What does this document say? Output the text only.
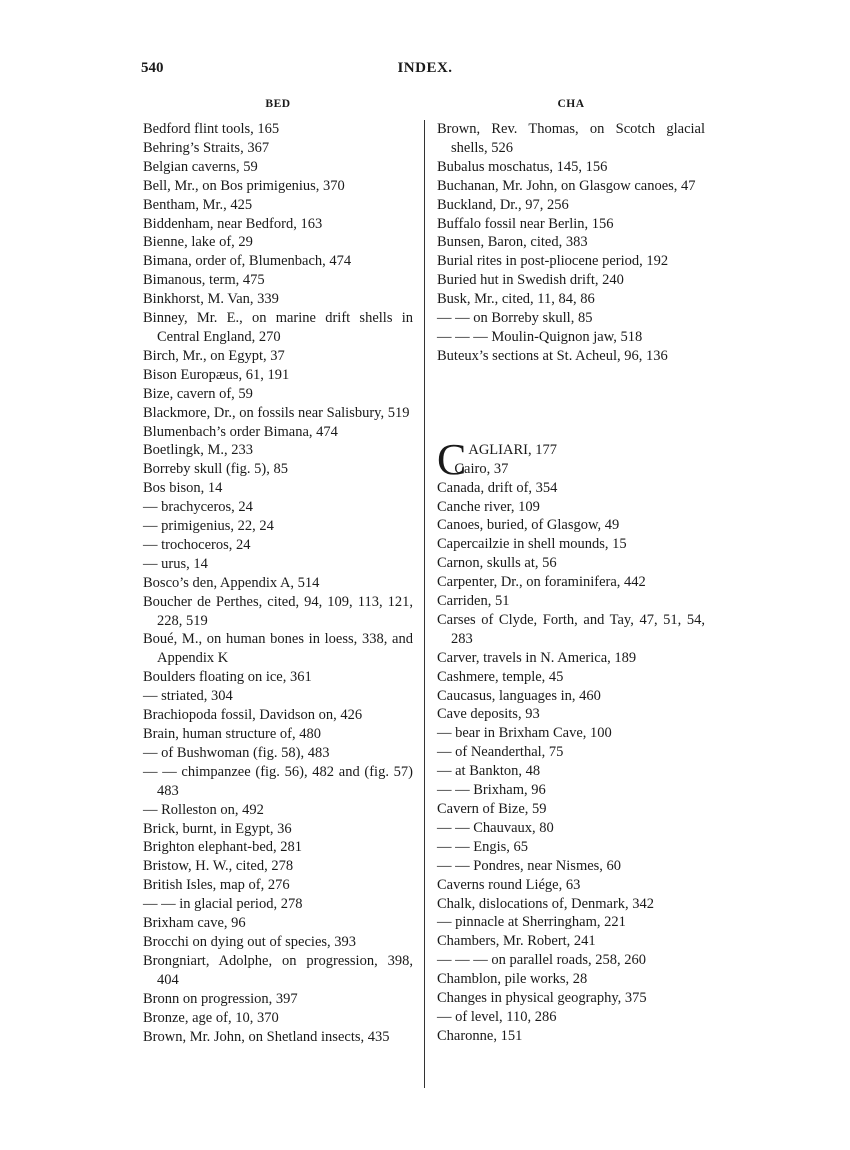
540	INDEX.
BED
Bedford flint tools, 165
Behring’s Straits, 367
Belgian caverns, 59
Bell, Mr., on Bos primigenius, 370
Bentham, Mr., 425
Biddenham, near Bedford, 163
Bienne, lake of, 29
Bimana, order of, Blumenbach, 474
Bimanous, term, 475
Binkhorst, M. Van, 339
Binney, Mr. E., on marine drift shells in Central England, 270
Birch, Mr., on Egypt, 37
Bison Europæus, 61, 191
Bize, cavern of, 59
Blackmore, Dr., on fossils near Salisbury, 519
Blumenbach’s order Bimana, 474
Boetlingk, M., 233
Borreby skull (fig. 5), 85
Bos bison, 14
— brachyceros, 24
— primigenius, 22, 24
— trochoceros, 24
— urus, 14
Bosco’s den, Appendix A, 514
Boucher de Perthes, cited, 94, 109, 113, 121, 228, 519
Boué, M., on human bones in loess, 338, and Appendix K
Boulders floating on ice, 361
— striated, 304
Brachiopoda fossil, Davidson on, 426
Brain, human structure of, 480
— of Bushwoman (fig. 58), 483
— — chimpanzee (fig. 56), 482 and (fig. 57) 483
— Rolleston on, 492
Brick, burnt, in Egypt, 36
Brighton elephant-bed, 281
Bristow, H. W., cited, 278
British Isles, map of, 276
— — in glacial period, 278
Brixham cave, 96
Brocchi on dying out of species, 393
Brongniart, Adolphe, on progression, 398, 404
Bronn on progression, 397
Bronze, age of, 10, 370
Brown, Mr. John, on Shetland insects, 435
CHA
Brown, Rev. Thomas, on Scotch glacial shells, 526
Bubalus moschatus, 145, 156
Buchanan, Mr. John, on Glasgow canoes, 47
Buckland, Dr., 97, 256
Buffalo fossil near Berlin, 156
Bunsen, Baron, cited, 383
Burial rites in post-pliocene period, 192
Buried hut in Swedish drift, 240
Busk, Mr., cited, 11, 84, 86
— — on Borreby skull, 85
— — — Moulin-Quignon jaw, 518
Buteux’s sections at St. Acheul, 96, 136
CAGLIARI, 177
Cairo, 37
Canada, drift of, 354
Canche river, 109
Canoes, buried, of Glasgow, 49
Capercailzie in shell mounds, 15
Carnon, skulls at, 56
Carpenter, Dr., on foraminifera, 442
Carriden, 51
Carses of Clyde, Forth, and Tay, 47, 51, 54, 283
Carver, travels in N. America, 189
Cashmere, temple, 45
Caucasus, languages in, 460
Cave deposits, 93
— bear in Brixham Cave, 100
— of Neanderthal, 75
— at Bankton, 48
— — Brixham, 96
Cavern of Bize, 59
— — Chauvaux, 80
— — Engis, 65
— — Pondres, near Nismes, 60
Caverns round Liége, 63
Chalk, dislocations of, Denmark, 342
— pinnacle at Sherringham, 221
Chambers, Mr. Robert, 241
— — — on parallel roads, 258, 260
Chamblon, pile works, 28
Changes in physical geography, 375
— of level, 110, 286
Charonne, 151
